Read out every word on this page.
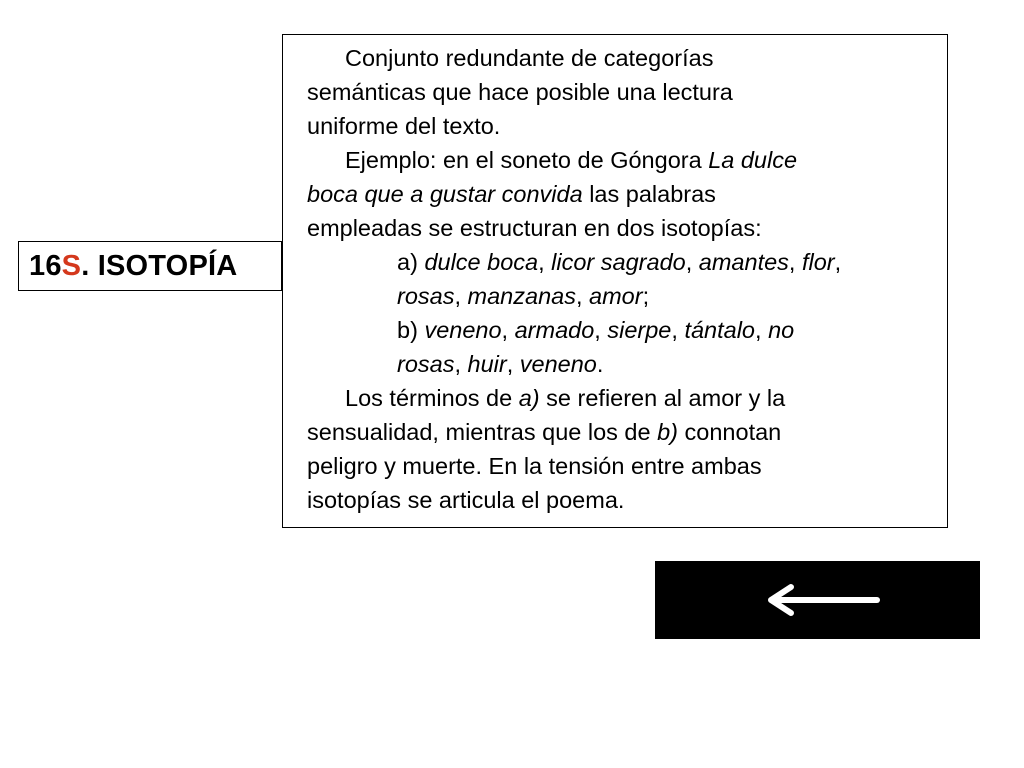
16 S . ISOTOPÍA

Conjunto redundante de categorías

semánticas que hace posible una lectura

uniforme del texto.

Ejemplo: en el soneto de Góngora La dulce

boca que a gustar convida las palabras

empleadas se estructuran en dos isotopías:

a) dulce boca, licor sagrado, amantes, flor,

rosas, manzanas, amor;

b) veneno, armado, sierpe, tántalo, no

rosas, huir, veneno.

Los términos de a) se refieren al amor y la

sensualidad, mientras que los de b) connotan

peligro y muerte. En la tensión entre ambas

isotopías se articula el poema.
